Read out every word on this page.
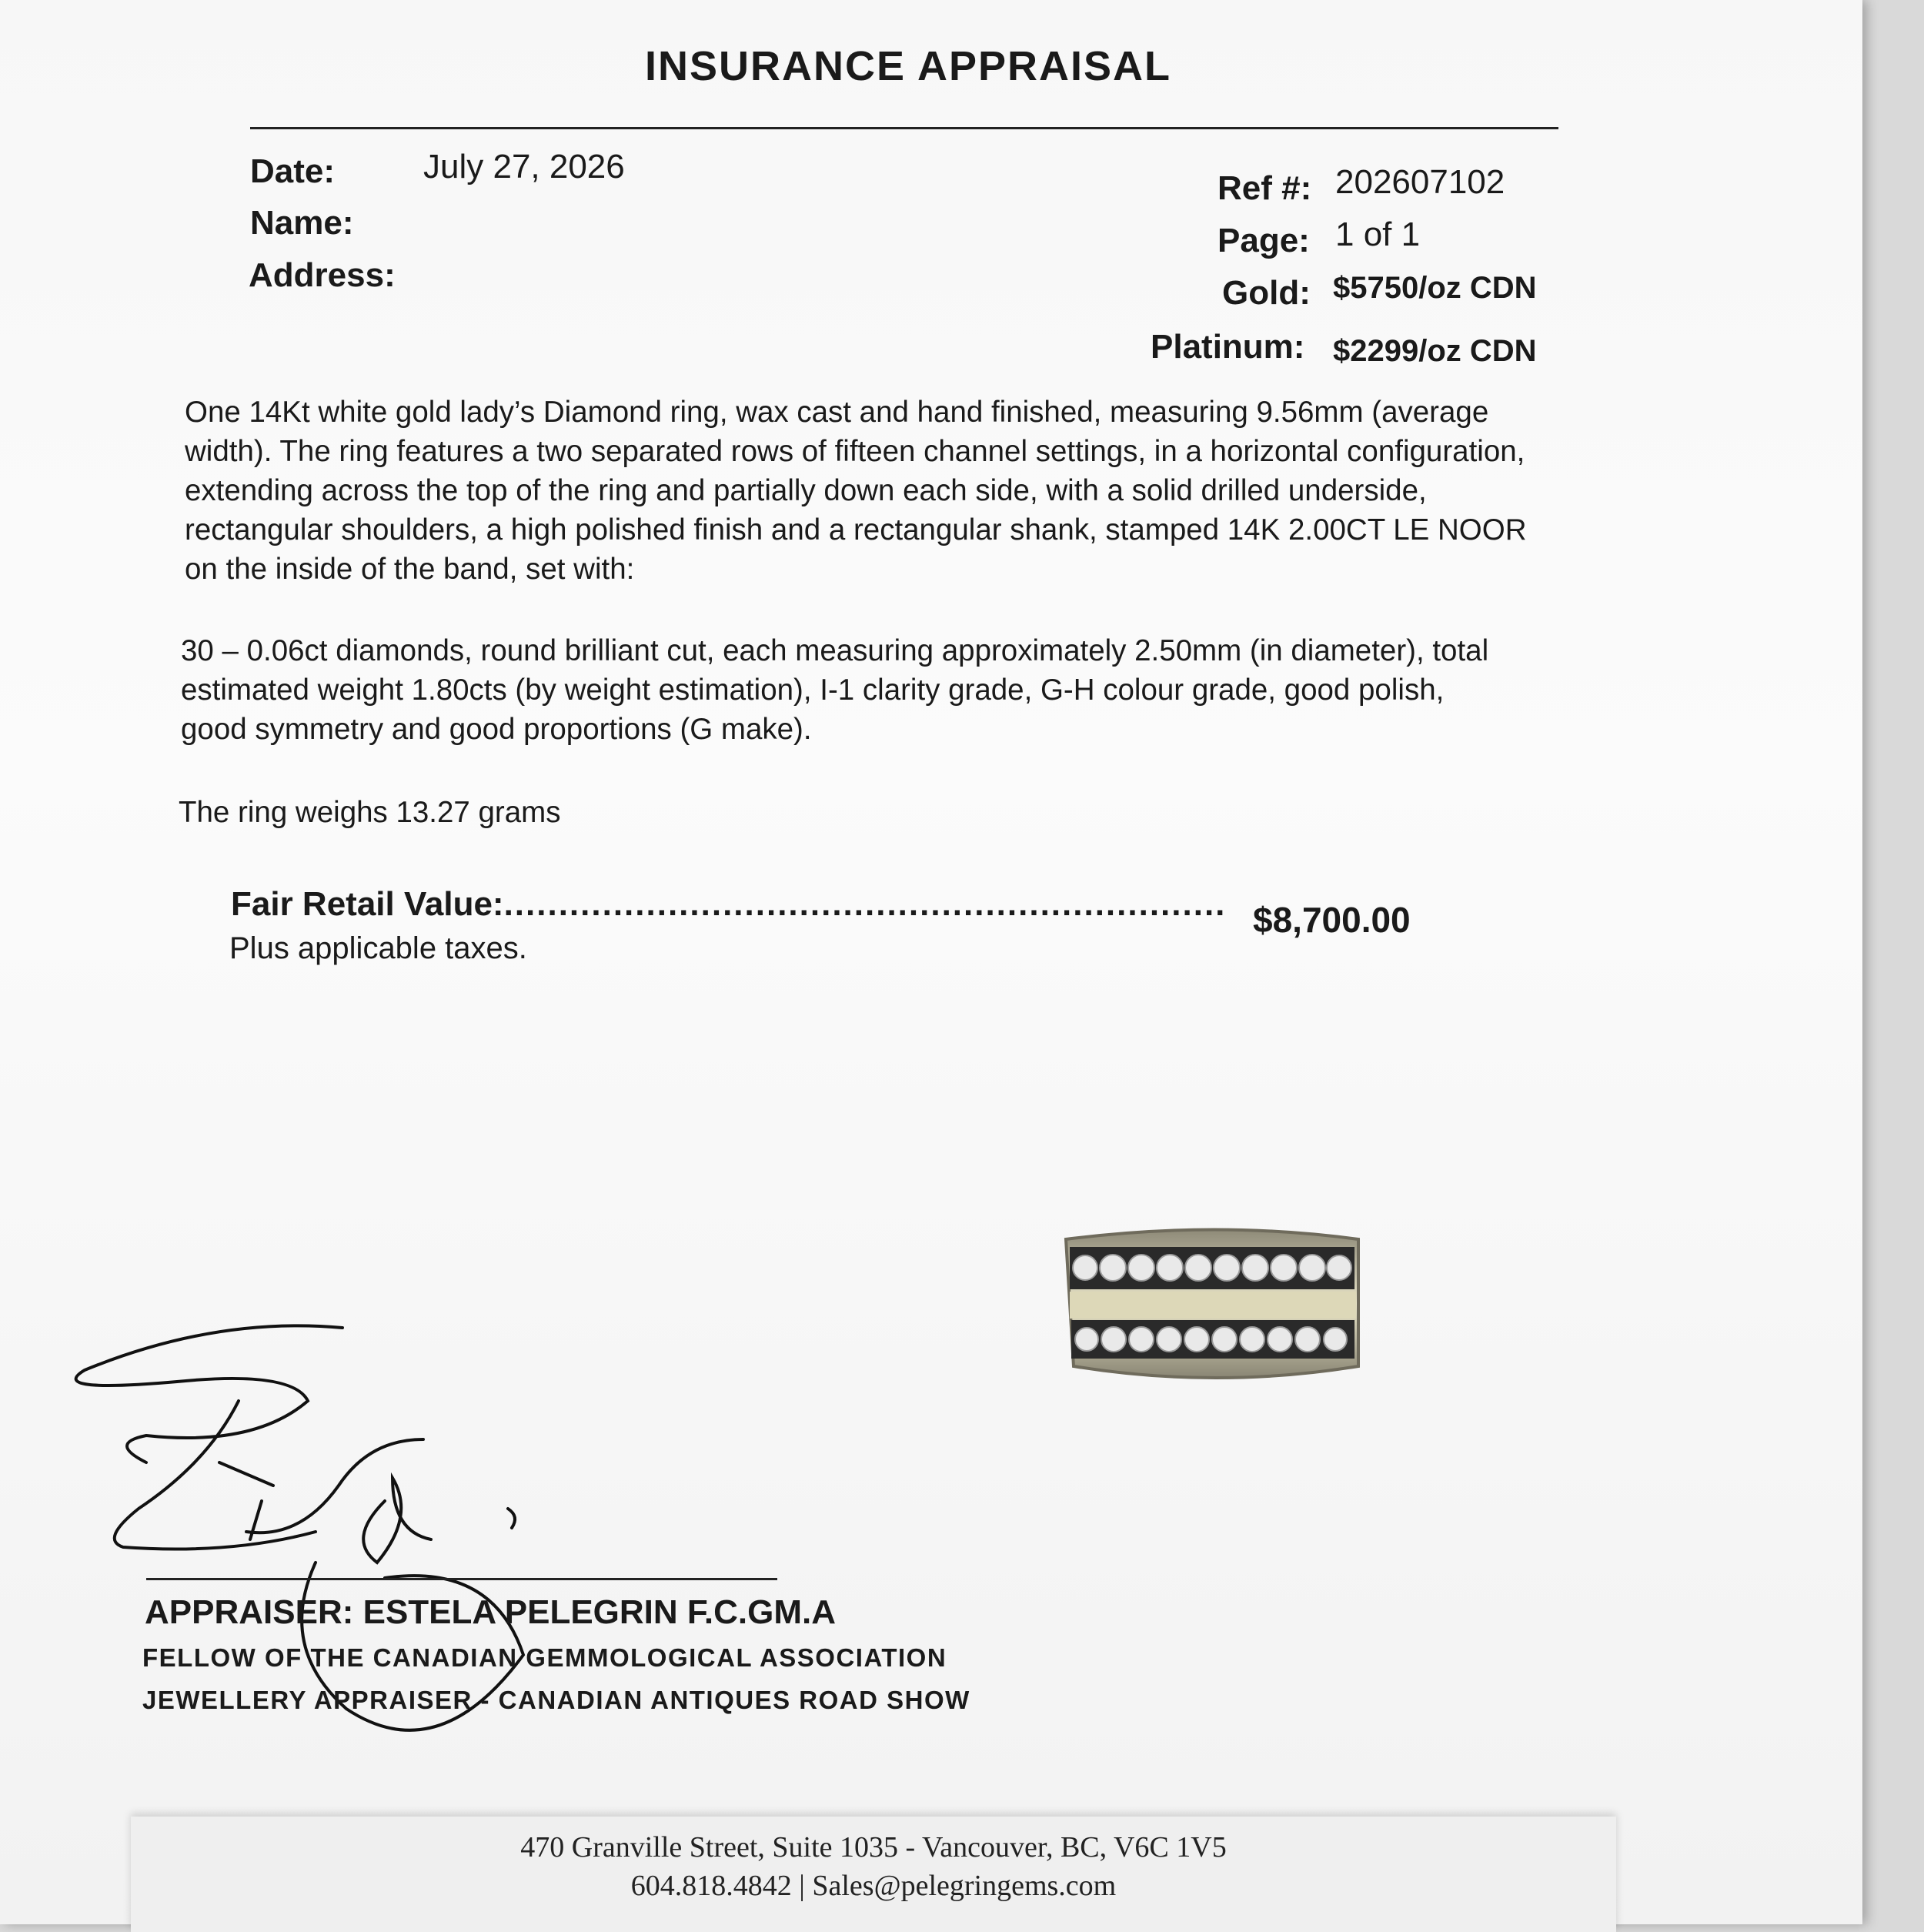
INSURANCE APPRAISAL
Date:	July 27, 2026
Name:
Address:
Ref #: 202607102
Page: 1 of 1
Gold: $5750/oz CDN
Platinum: $2299/oz CDN
One 14Kt white gold lady’s Diamond ring, wax cast and hand finished, measuring 9.56mm (average
width). The ring features a two separated rows of fifteen channel settings, in a horizontal configuration,
extending across the top of the ring and partially down each side, with a solid drilled underside,
rectangular shoulders, a high polished finish and a rectangular shank, stamped 14K 2.00CT LE NOOR
on the inside of the band, set with:
30 – 0.06ct diamonds, round brilliant cut, each measuring approximately 2.50mm (in diameter), total
estimated weight 1.80cts (by weight estimation), I-1 clarity grade, G-H colour grade, good polish,
good symmetry and good proportions (G make).
The ring weighs 13.27 grams
Fair Retail Value:.................................................................. $8,700.00
Plus applicable taxes.
APPRAISER: ESTELA PELEGRIN F.C.GM.A
FELLOW OF THE CANADIAN GEMMOLOGICAL ASSOCIATION
JEWELLERY APPRAISER - CANADIAN ANTIQUES ROAD SHOW
470 Granville Street, Suite 1035 - Vancouver, BC, V6C 1V5
604.818.4842 | Sales@pelegringems.com
